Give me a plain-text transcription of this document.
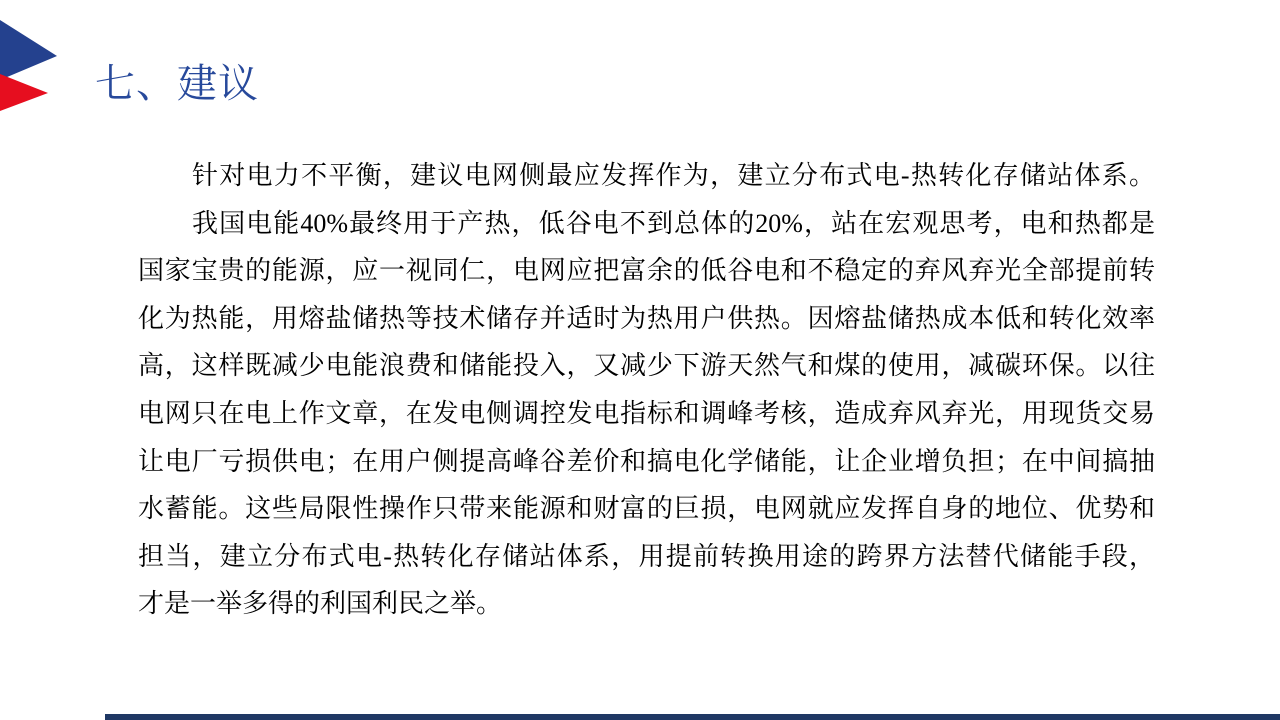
七、建议
针对电力不平衡，建议电网侧最应发挥作为，建立分布式电-热转化存储站体系。
我国电能40%最终用于产热，低谷电不到总体的20%，站在宏观思考，电和热都是
国家宝贵的能源，应一视同仁，电网应把富余的低谷电和不稳定的弃风弃光全部提前转
化为热能，用熔盐储热等技术储存并适时为热用户供热。因熔盐储热成本低和转化效率
高，这样既减少电能浪费和储能投入，又减少下游天然气和煤的使用，减碳环保。以往
电网只在电上作文章，在发电侧调控发电指标和调峰考核，造成弃风弃光，用现货交易
让电厂亏损供电；在用户侧提高峰谷差价和搞电化学储能，让企业增负担；在中间搞抽
水蓄能。这些局限性操作只带来能源和财富的巨损，电网就应发挥自身的地位、优势和
担当，建立分布式电-热转化存储站体系，用提前转换用途的跨界方法替代储能手段，
才是一举多得的利国利民之举。
